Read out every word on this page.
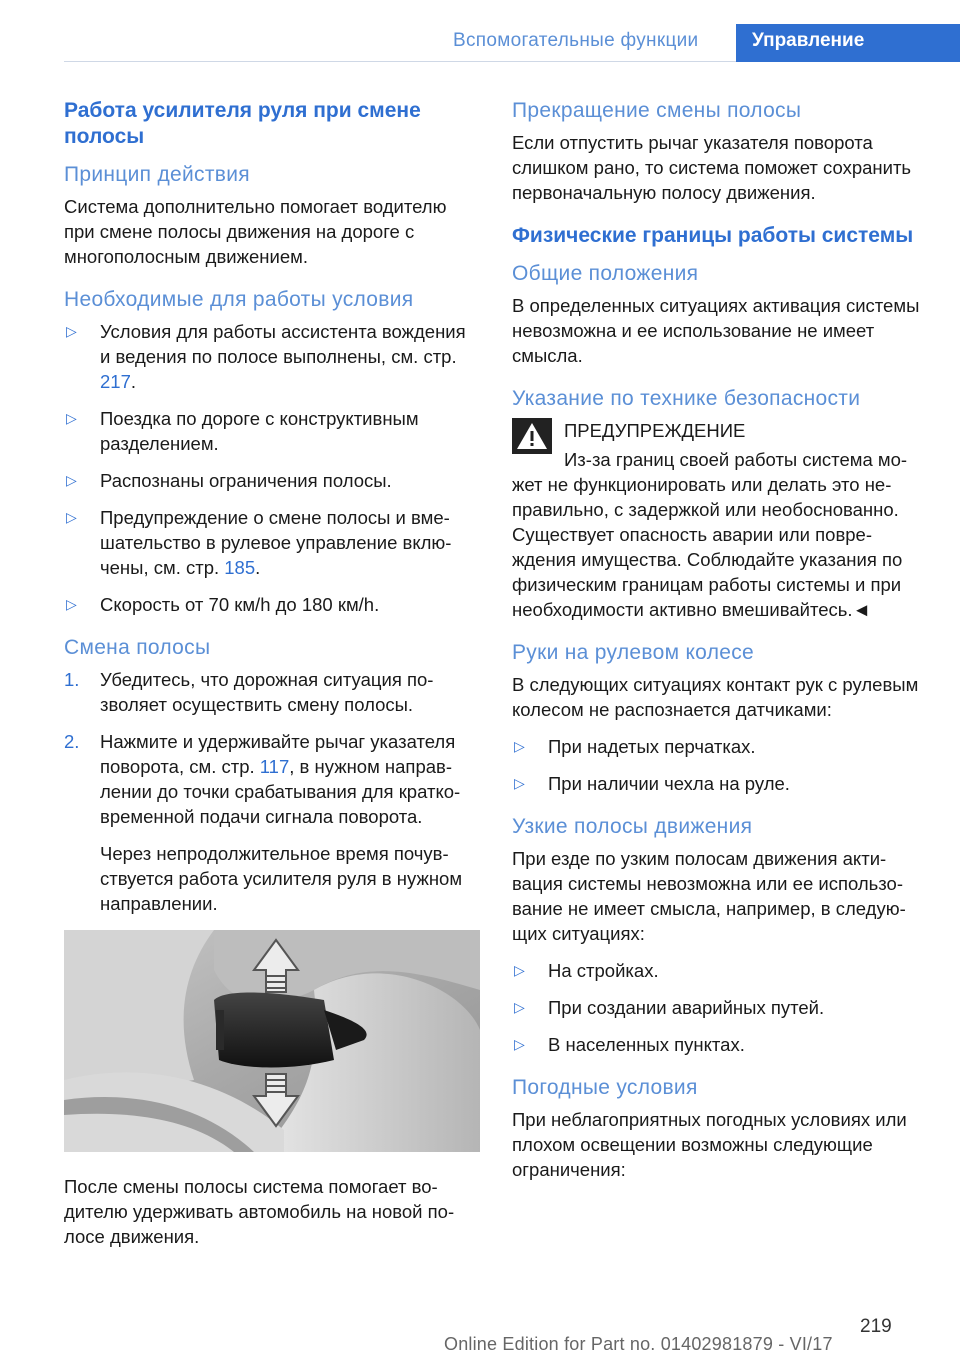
Вспомогательные функции	Управление
Работа усилителя руля при смене полосы
Принцип действия

Система дополнительно помогает водителю при смене полосы движения на дороге с многополосным движением.

Необходимые для работы условия
▷ Условия для работы ассистента вождения и ведения по полосе выполнены, см. стр. 217.
▷ Поездка по дороге с конструктивным разделением.
▷ Распознаны ограничения полосы.
▷ Предупреждение о смене полосы и вмешательство в рулевое управление включены, см. стр. 185.
▷ Скорость от 70 км/h до 180 км/h.
Смена полосы
1. Убедитесь, что дорожная ситуация позволяет осуществить смену полосы.
2. Нажмите и удерживайте рычаг указателя поворота, см. стр. 117, в нужном направлении до точки срабатывания для кратковременной подачи сигнала поворота.
Через непродолжительное время почувствуется работа усилителя руля в нужном направлении.

После смены полосы система помогает водителю удерживать автомобиль на новой полосе движения.

Прекращение смены полосы

Если отпустить рычаг указателя поворота слишком рано, то система поможет сохранить первоначальную полосу движения.

Физические границы работы системы
Общие положения

В определенных ситуациях активация системы невозможна и ее использование не имеет смысла.

Указание по технике безопасности
ПРЕДУПРЕЖДЕНИЕ
Из-за границ своей работы система может не функционировать или делать это неправильно, с задержкой или необоснованно. Существует опасность аварии или повреждения имущества. Соблюдайте указания по физическим границам работы системы и при необходимости активно вмешивайтесь.◄
Руки на рулевом колесе

В следующих ситуациях контакт рук с рулевым колесом не распознается датчиками:

▷ При надетых перчатках.
▷ При наличии чехла на руле.
Узкие полосы движения

При езде по узким полосам движения активация системы невозможна или ее использование не имеет смысла, например, в следующих ситуациях:

▷ На стройках.
▷ При создании аварийных путей.
▷ В населенных пунктах.
Погодные условия

При неблагоприятных погодных условиях или плохом освещении возможны следующие ограничения:

219
Online Edition for Part no. 01402981879 - VI/17
